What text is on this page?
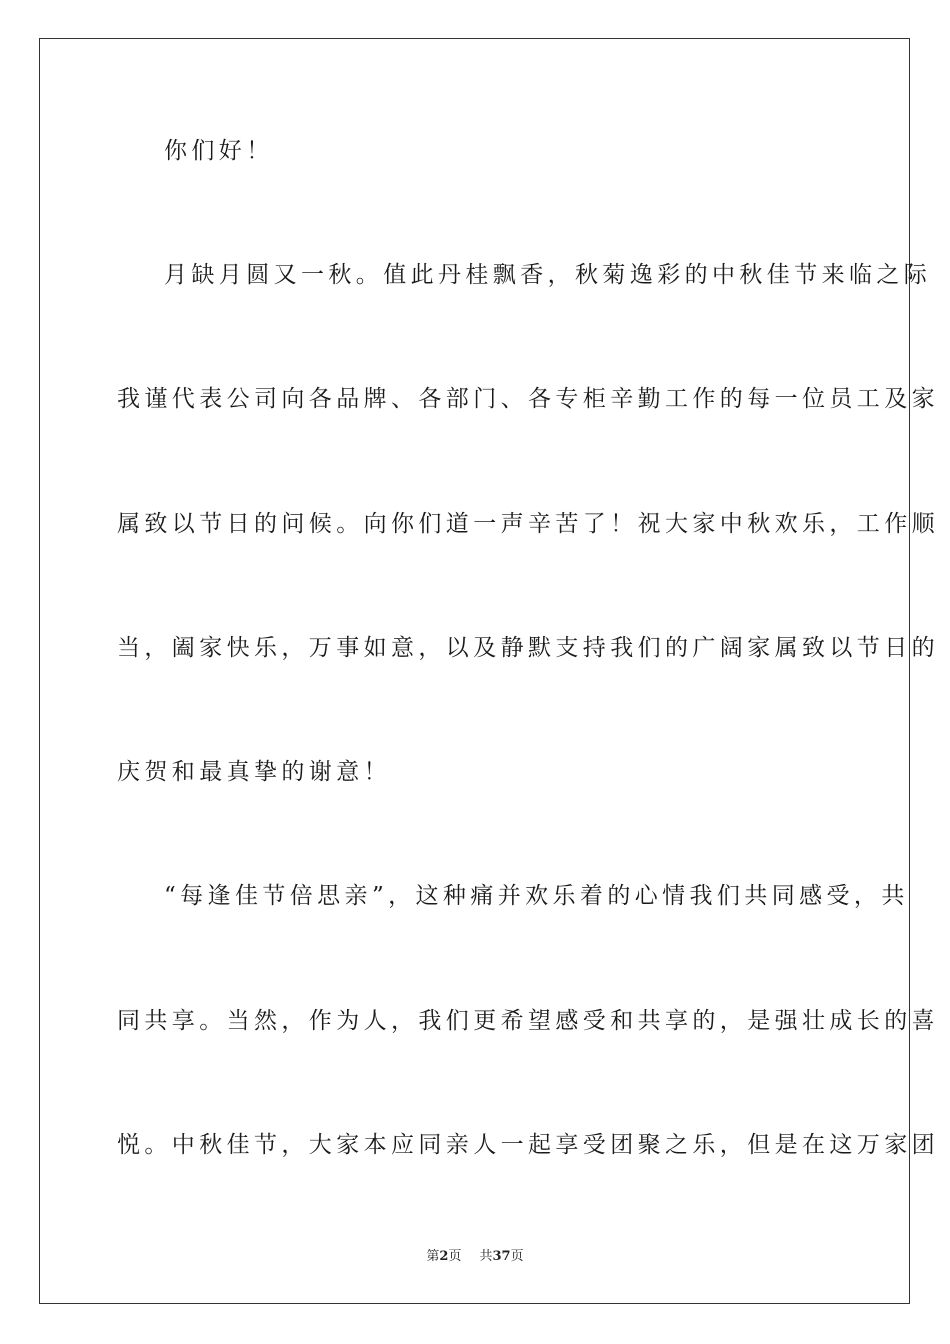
你们好！
月缺月圆又一秋。值此丹桂飘香，秋菊逸彩的中秋佳节来临之际
我谨代表公司向各品牌、各部门、各专柜辛勤工作的每一位员工及家
属致以节日的问候。向你们道一声辛苦了！祝大家中秋欢乐，工作顺
当，阖家快乐，万事如意，以及静默支持我们的广阔家属致以节日的
庆贺和最真挚的谢意！
“每逢佳节倍思亲”，这种痛并欢乐着的心情我们共同感受，共
同共享。当然，作为人，我们更希望感受和共享的，是强壮成长的喜
悦。中秋佳节，大家本应同亲人一起享受团聚之乐，但是在这万家团
第2页 共37页
